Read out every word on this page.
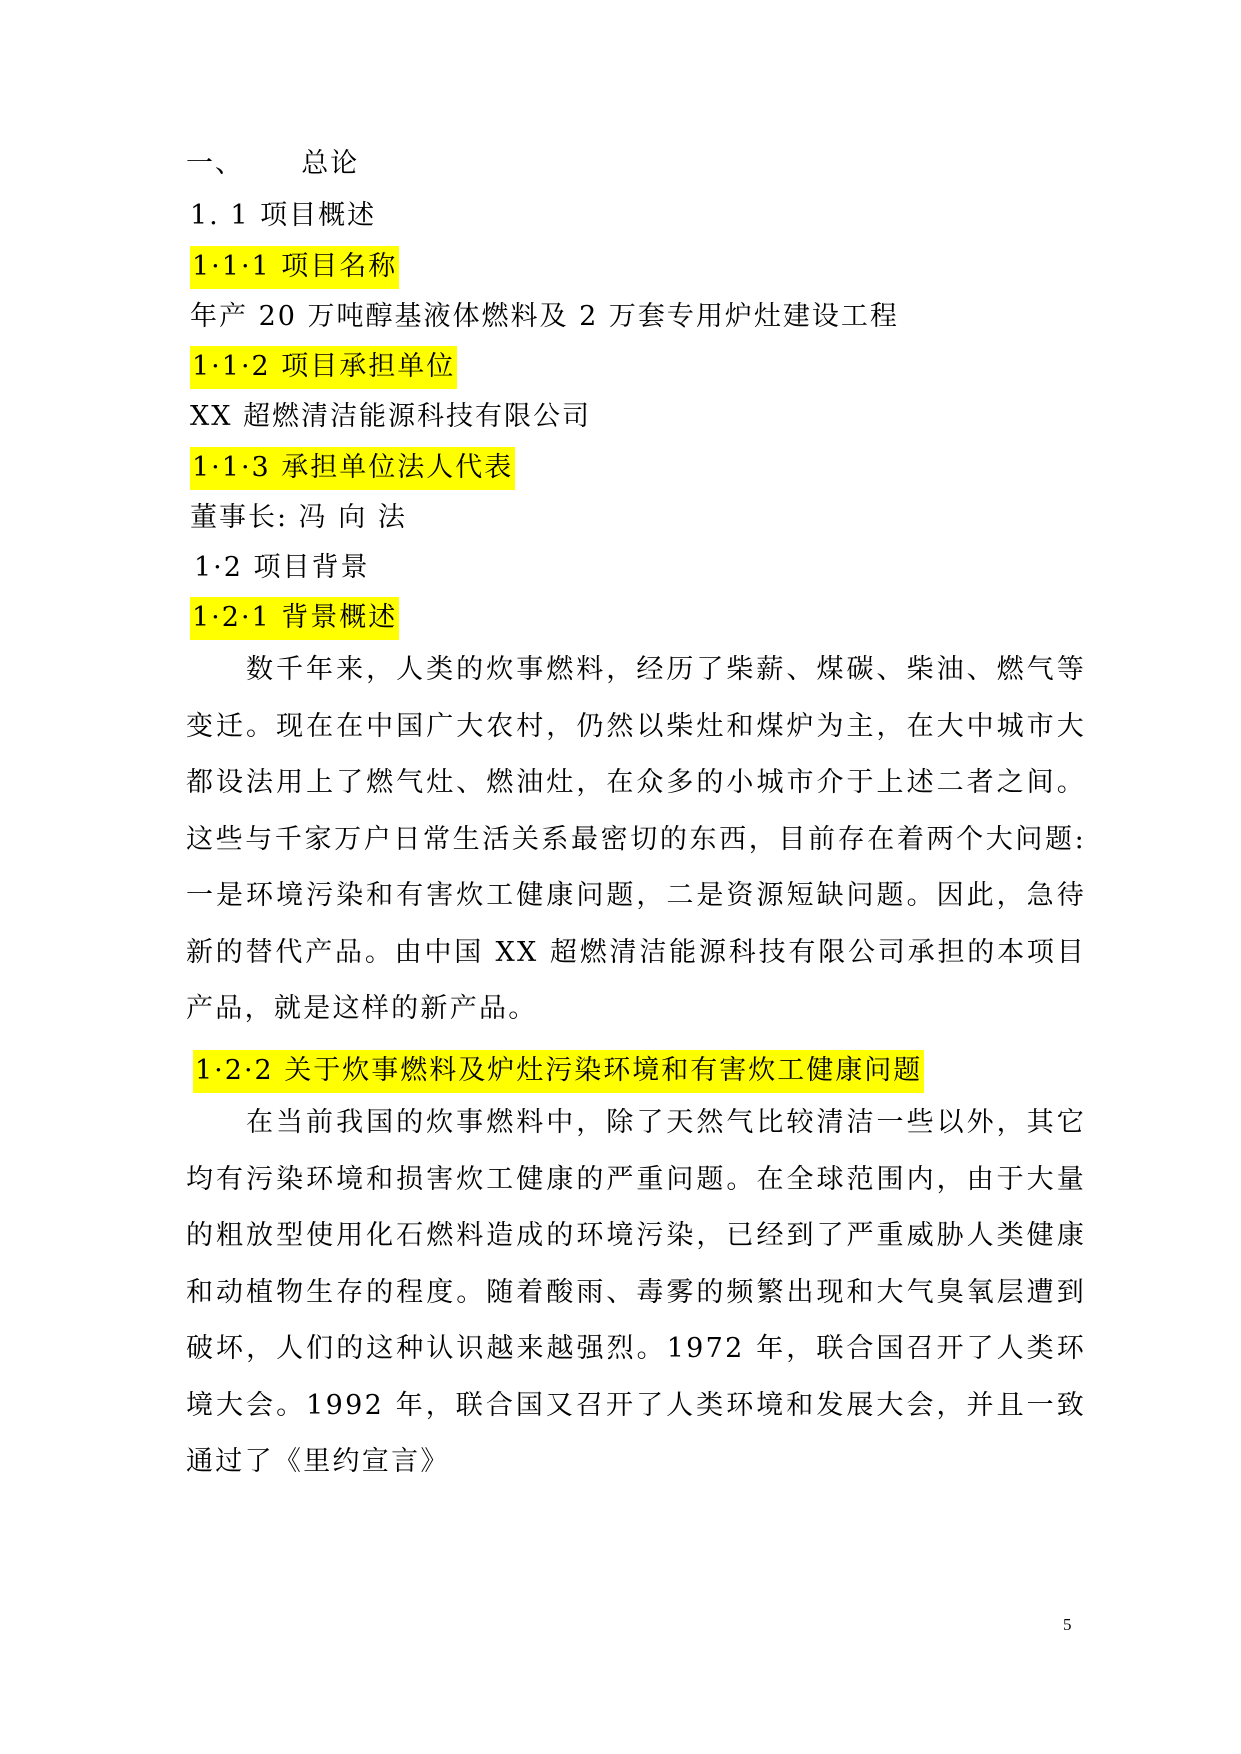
一、 总论
1. 1 项目概述
1·1·1 项目名称
年产 20 万吨醇基液体燃料及 2 万套专用炉灶建设工程
1·1·2 项目承担单位
XX 超燃清洁能源科技有限公司
1·1·3 承担单位法人代表
董事长: 冯 向 法
1·2 项目背景
1·2·1 背景概述

数千年来，人类的炊事燃料，经历了柴薪、煤碳、柴油、燃气等变迁。现在在中国广大农村，仍然以柴灶和煤炉为主，在大中城市大都设法用上了燃气灶、燃油灶，在众多的小城市介于上述二者之间。这些与千家万户日常生活关系最密切的东西，目前存在着两个大问题: 一是环境污染和有害炊工健康问题，二是资源短缺问题。因此，急待新的替代产品。由中国 XX 超燃清洁能源科技有限公司承担的本项目产品，就是这样的新产品。

1·2·2 关于炊事燃料及炉灶污染环境和有害炊工健康问题

在当前我国的炊事燃料中，除了天然气比较清洁一些以外，其它均有污染环境和损害炊工健康的严重问题。在全球范围内，由于大量的粗放型使用化石燃料造成的环境污染，已经到了严重威胁人类健康和动植物生存的程度。随着酸雨、毒雾的频繁出现和大气臭氧层遭到破坏，人们的这种认识越来越强烈。1972 年，联合国召开了人类环境大会。1992 年，联合国又召开了人类环境和发展大会，并且一致通过了《里约宣言》

5
